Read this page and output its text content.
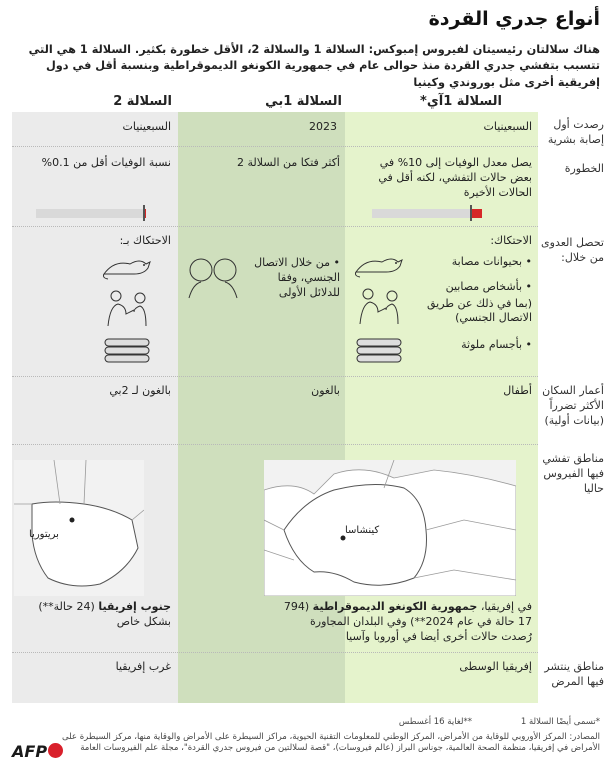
أنواع جدري القردة
هناك سلالتان رئيسيتان لفيروس إمبوكس: السلالة 1 والسلالة 2، الأقل خطورة بكثير. السلالة 1 هي التي تتسبب بتفشي جدري القردة منذ حوالى عام في جمهورية الكونغو الديموقراطية وبنسبة أقل في دول إفريقية أخرى مثل بوروندي وكينيا
السلالة 1آي*
السلالة 1بي
السلالة 2
رصدت أول إصابة بشرية
الخطورة
تحصل العدوى من خلال:
أعمار السكان الأكثر تضرراً (بيانات أولية)
مناطق تفشي فيها الفيروس حاليا
مناطق ينتشر فيها المرض
السبعينيات
2023
السبعينيات
يصل معدل الوفيات إلى 10% في بعض حالات التفشي، لكنه أقل في الحالات الأخيرة
أكثر فتكا من السلالة 2
نسبة الوفيات أقل من 0.1%
الاحتكاك:
• بحيوانات مصابة
• بأشخاص مصابين
(بما في ذلك عن طريق الاتصال الجنسي)
• بأجسام ملوثة
• من خلال الاتصال الجنسي، وفقا للدلائل الأولى
الاحتكاك بـ:
أطفال
بالغون
بالغون لـ 2بي
كينشاسا
بريتوريا
في إفريقيا، جمهورية الكونغو الديموقراطية (794 17 حالة في عام 2024**) وفي البلدان المجاورة
رُصدت حالات أخرى أيضا في أوروبا وآسيا
جنوب إفريقيا (24 حالة**)
بشكل خاص
إفريقيا الوسطى
غرب إفريقيا
*تسمى أيضًا السلالة 1
**لغاية 16 أغسطس
المصادر: المركز الأوروبي للوقاية من الأمراض، المركز الوطني للمعلومات التقنية الحيوية، مراكز السيطرة على الأمراض والوقاية منها، مركز السيطرة على الأمراض في إفريقيا، منظمة الصحة العالمية، جوناس البراز (عالم فيروسات)، "قصة لسلالتين من فيروس جدري القردة"، مجلة علم الفيروسات العامة
AFP
